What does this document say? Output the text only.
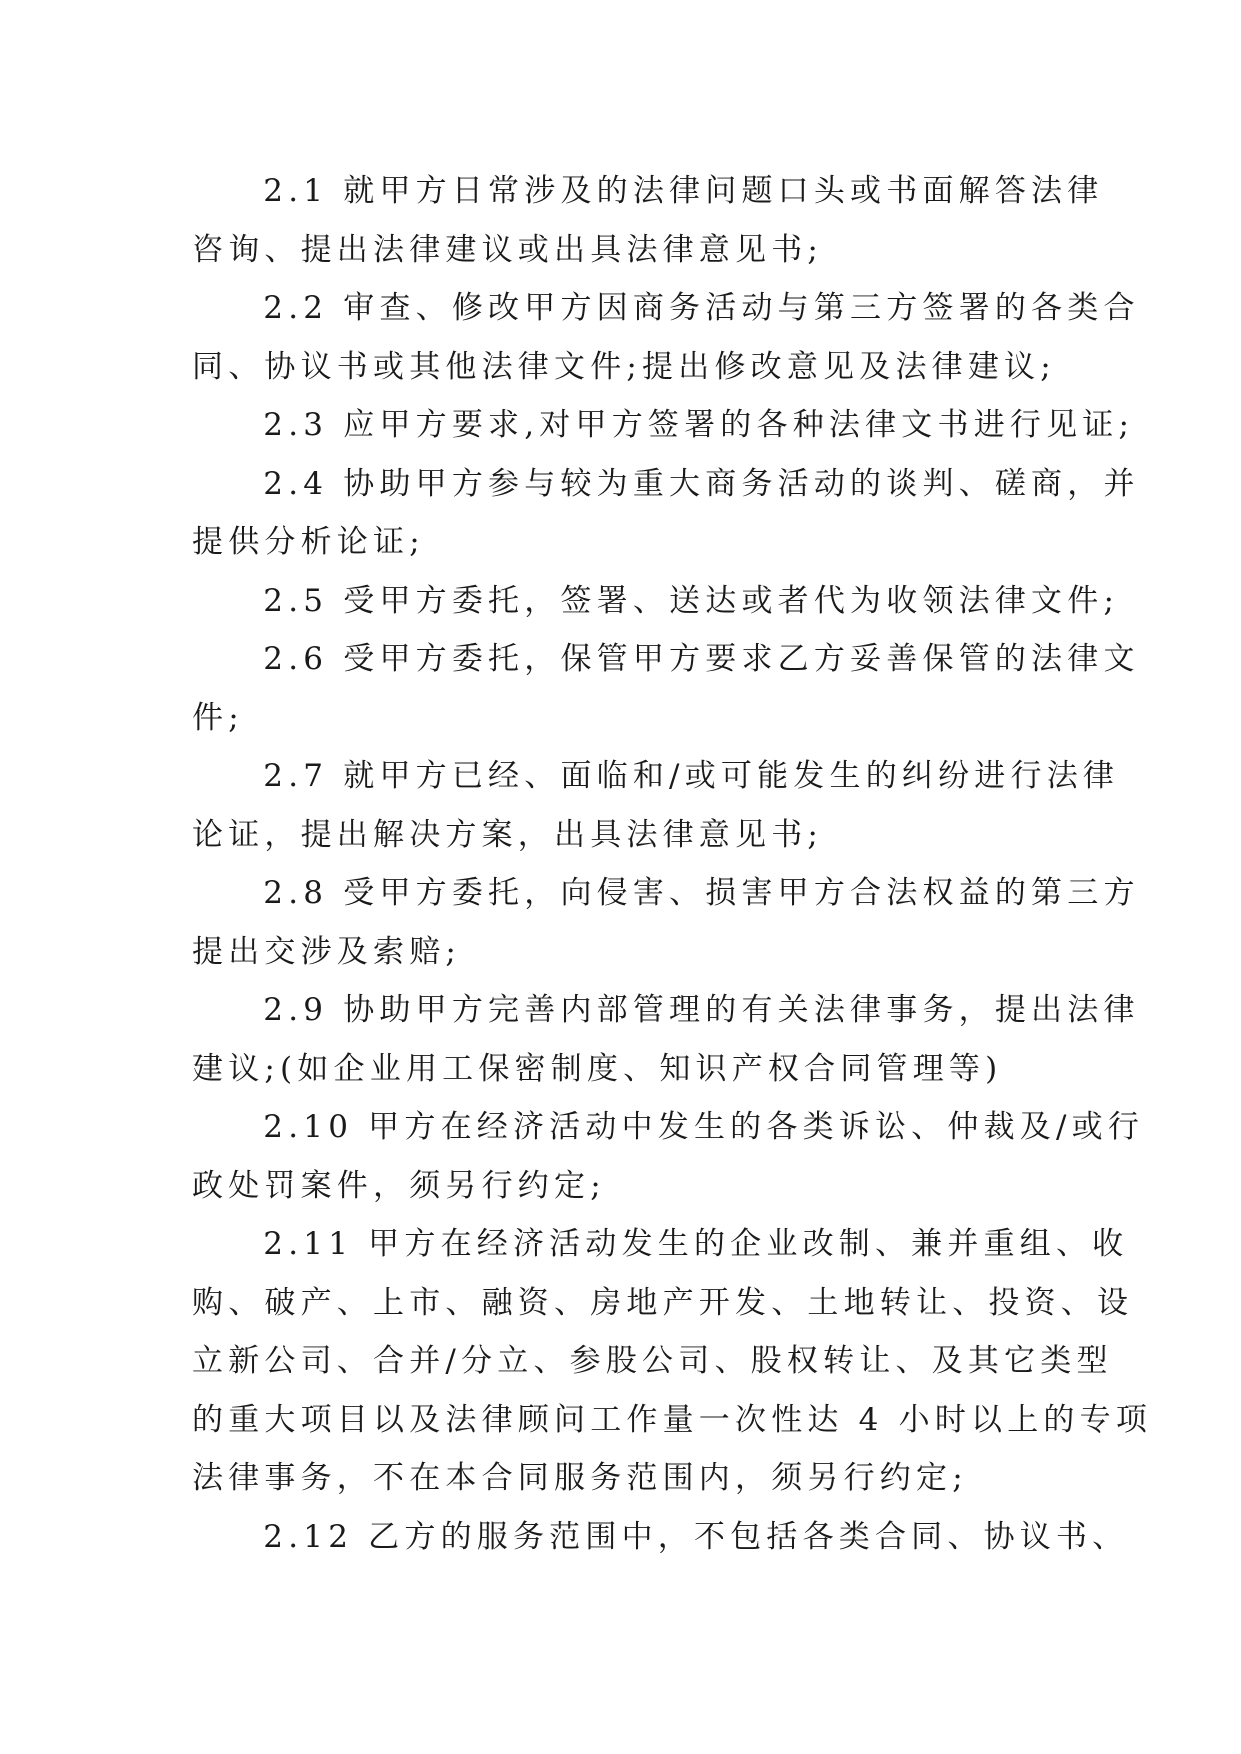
2.1 就甲方日常涉及的法律问题口头或书面解答法律
咨询、提出法律建议或出具法律意见书;
2.2 审查、修改甲方因商务活动与第三方签署的各类合
同、协议书或其他法律文件;提出修改意见及法律建议;
2.3 应甲方要求,对甲方签署的各种法律文书进行见证;
2.4 协助甲方参与较为重大商务活动的谈判、磋商，并
提供分析论证;
2.5 受甲方委托，签署、送达或者代为收领法律文件;
2.6 受甲方委托，保管甲方要求乙方妥善保管的法律文
件;
2.7 就甲方已经、面临和/或可能发生的纠纷进行法律
论证，提出解决方案，出具法律意见书;
2.8 受甲方委托，向侵害、损害甲方合法权益的第三方
提出交涉及索赔;
2.9 协助甲方完善内部管理的有关法律事务，提出法律
建议;(如企业用工保密制度、知识产权合同管理等)
2.10 甲方在经济活动中发生的各类诉讼、仲裁及/或行
政处罚案件，须另行约定;
2.11 甲方在经济活动发生的企业改制、兼并重组、收
购、破产、上市、融资、房地产开发、土地转让、投资、设
立新公司、合并/分立、参股公司、股权转让、及其它类型
的重大项目以及法律顾问工作量一次性达 4 小时以上的专项
法律事务，不在本合同服务范围内，须另行约定;
2.12 乙方的服务范围中，不包括各类合同、协议书、
